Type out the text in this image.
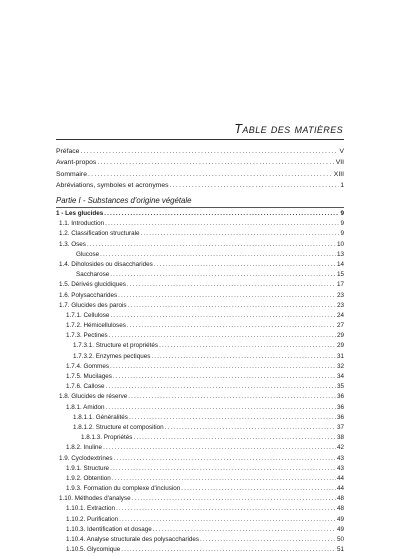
Table des matières
Préface . . .	V
Avant-propos . . .	VII
Sommaire . . .	XIII
Abréviations, symboles et acronymes . . .	1
Partie I - Substances d'origine végétale
1 - Les glucides . . .	9
1.1. Introduction . . .	9
1.2. Classification structurale . . .	9
1.3. Oses . . .	10
Glucose . . .	13
1.4. Diholosides ou disaccharides . . .	14
Saccharose . . .	15
1.5. Dérivés glucidiques . . .	17
1.6. Polysaccharides . . .	23
1.7. Glucides des parois . . .	23
1.7.1. Cellulose . . .	24
1.7.2. Hémicelluloses . . .	27
1.7.3. Pectines . . .	29
1.7.3.1. Structure et propriétés . . .	29
1.7.3.2. Enzymes pectiques . . .	31
1.7.4. Gommes . . .	32
1.7.5. Mucilages . . .	34
1.7.6. Callose . . .	35
1.8. Glucides de réserve . . .	36
1.8.1. Amidon . . .	36
1.8.1.1. Généralités . . .	36
1.8.1.2. Structure et composition . . .	37
1.8.1.3. Propriétés . . .	38
1.8.2. Inuline . . .	42
1.9. Cyclodextrines . . .	43
1.9.1. Structure . . .	43
1.9.2. Obtention . . .	44
1.9.3. Formation du complexe d'inclusion . . .	44
1.10. Méthodes d'analyse . . .	48
1.10.1. Extraction . . .	48
1.10.2. Purification . . .	49
1.10.3. Identification et dosage . . .	49
1.10.4. Analyse structurale des polysaccharides . . .	50
1.10.5. Glycomique . . .	51
